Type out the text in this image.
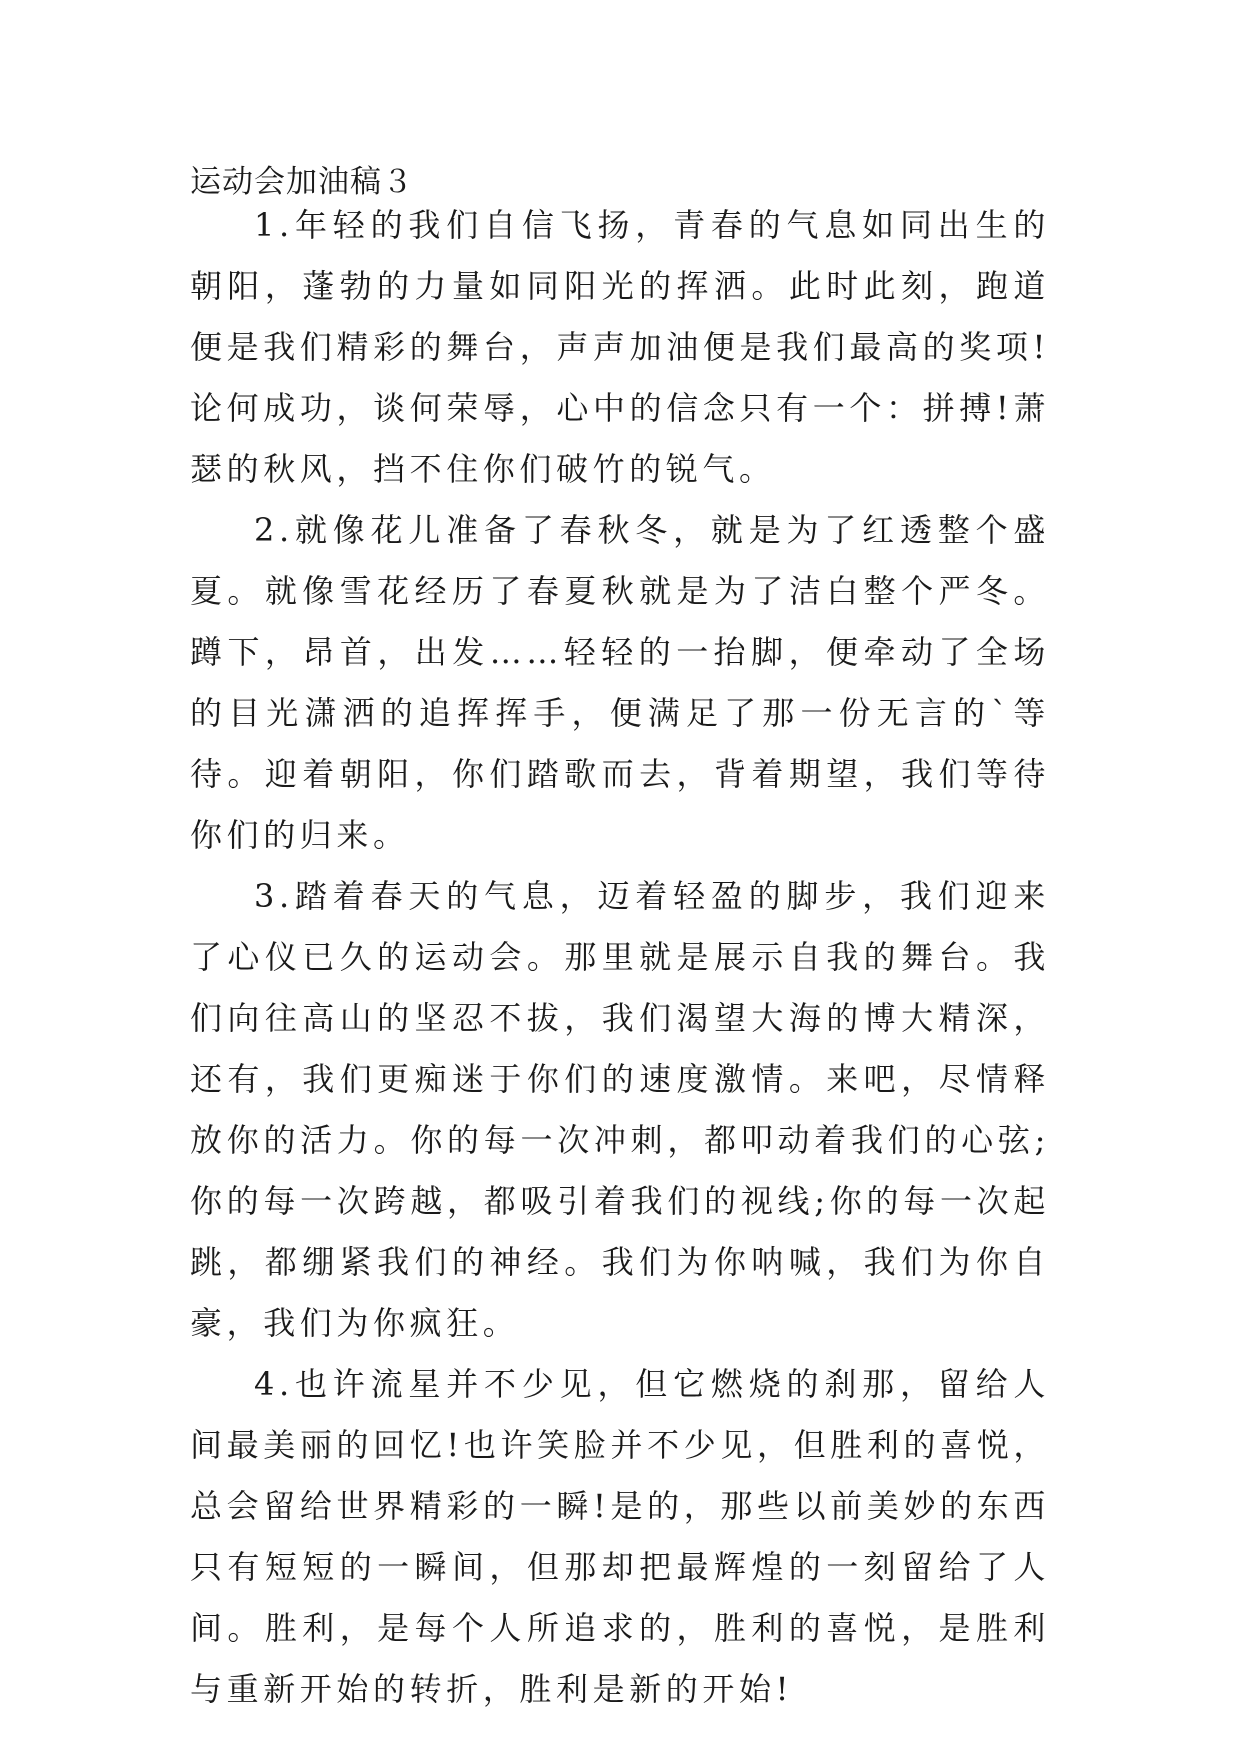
运动会加油稿３

1.年轻的我们自信飞扬，青春的气息如同出生的朝阳，蓬勃的力量如同阳光的挥洒。此时此刻，跑道便是我们精彩的舞台，声声加油便是我们最高的奖项!论何成功，谈何荣辱，心中的信念只有一个：拼搏!萧瑟的秋风，挡不住你们破竹的锐气。

2.就像花儿准备了春秋冬，就是为了红透整个盛夏。就像雪花经历了春夏秋就是为了洁白整个严冬。蹲下，昂首，出发……轻轻的一抬脚，便牵动了全场的目光潇洒的追挥挥手，便满足了那一份无言的`等待。迎着朝阳，你们踏歌而去，背着期望，我们等待你们的归来。

3.踏着春天的气息，迈着轻盈的脚步，我们迎来了心仪已久的运动会。那里就是展示自我的舞台。我们向往高山的坚忍不拔，我们渴望大海的博大精深，还有，我们更痴迷于你们的速度激情。来吧，尽情释放你的活力。你的每一次冲刺，都叩动着我们的心弦;你的每一次跨越，都吸引着我们的视线;你的每一次起跳，都绷紧我们的神经。我们为你呐喊，我们为你自豪，我们为你疯狂。

4.也许流星并不少见，但它燃烧的刹那，留给人间最美丽的回忆!也许笑脸并不少见，但胜利的喜悦，总会留给世界精彩的一瞬!是的，那些以前美妙的东西只有短短的一瞬间，但那却把最辉煌的一刻留给了人间。胜利，是每个人所追求的，胜利的喜悦，是胜利与重新开始的转折，胜利是新的开始!
